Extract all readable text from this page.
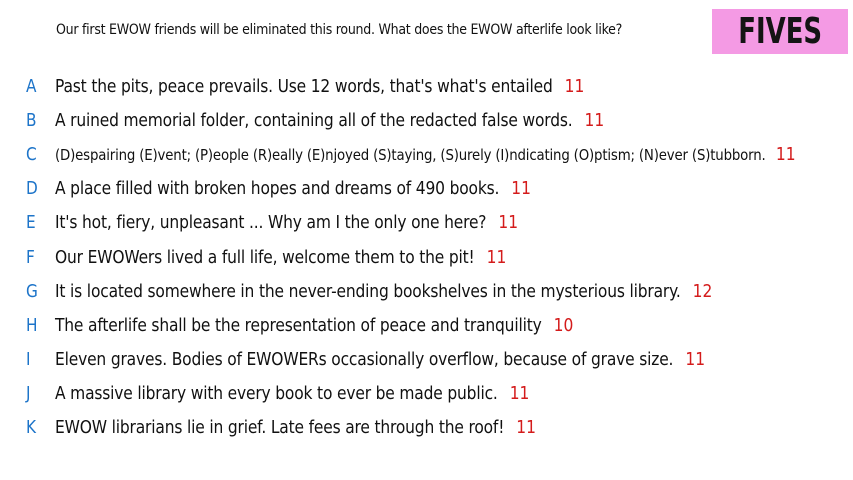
Our first EWOW friends will be eliminated this round. What does the EWOW afterlife look like?	FIVES
A	Past the pits, peace prevails. Use 12 words, that's what's entailed 11
B	A ruined memorial folder, containing all of the redacted false words. 11
C	(D)espairing (E)vent; (P)eople (R)eally (E)njoyed (S)taying, (S)urely (I)ndicating (O)ptism; (N)ever (S)tubborn. 11
D A place filled with broken hopes and dreams of 490 books. 11
E	It's hot, fiery, unpleasant ... Why am I the only one here? 11
F	Our EWOWers lived a full life, welcome them to the pit! 11
G It is located somewhere in the never-ending bookshelves in the mysterious library. 12
H The afterlife shall be the representation of peace and tranquility 10
I	Eleven graves. Bodies of EWOWERs occasionally overflow, because of grave size. 11
J	A massive library with every book to ever be made public. 11
K	EWOW librarians lie in grief. Late fees are through the roof! 11
